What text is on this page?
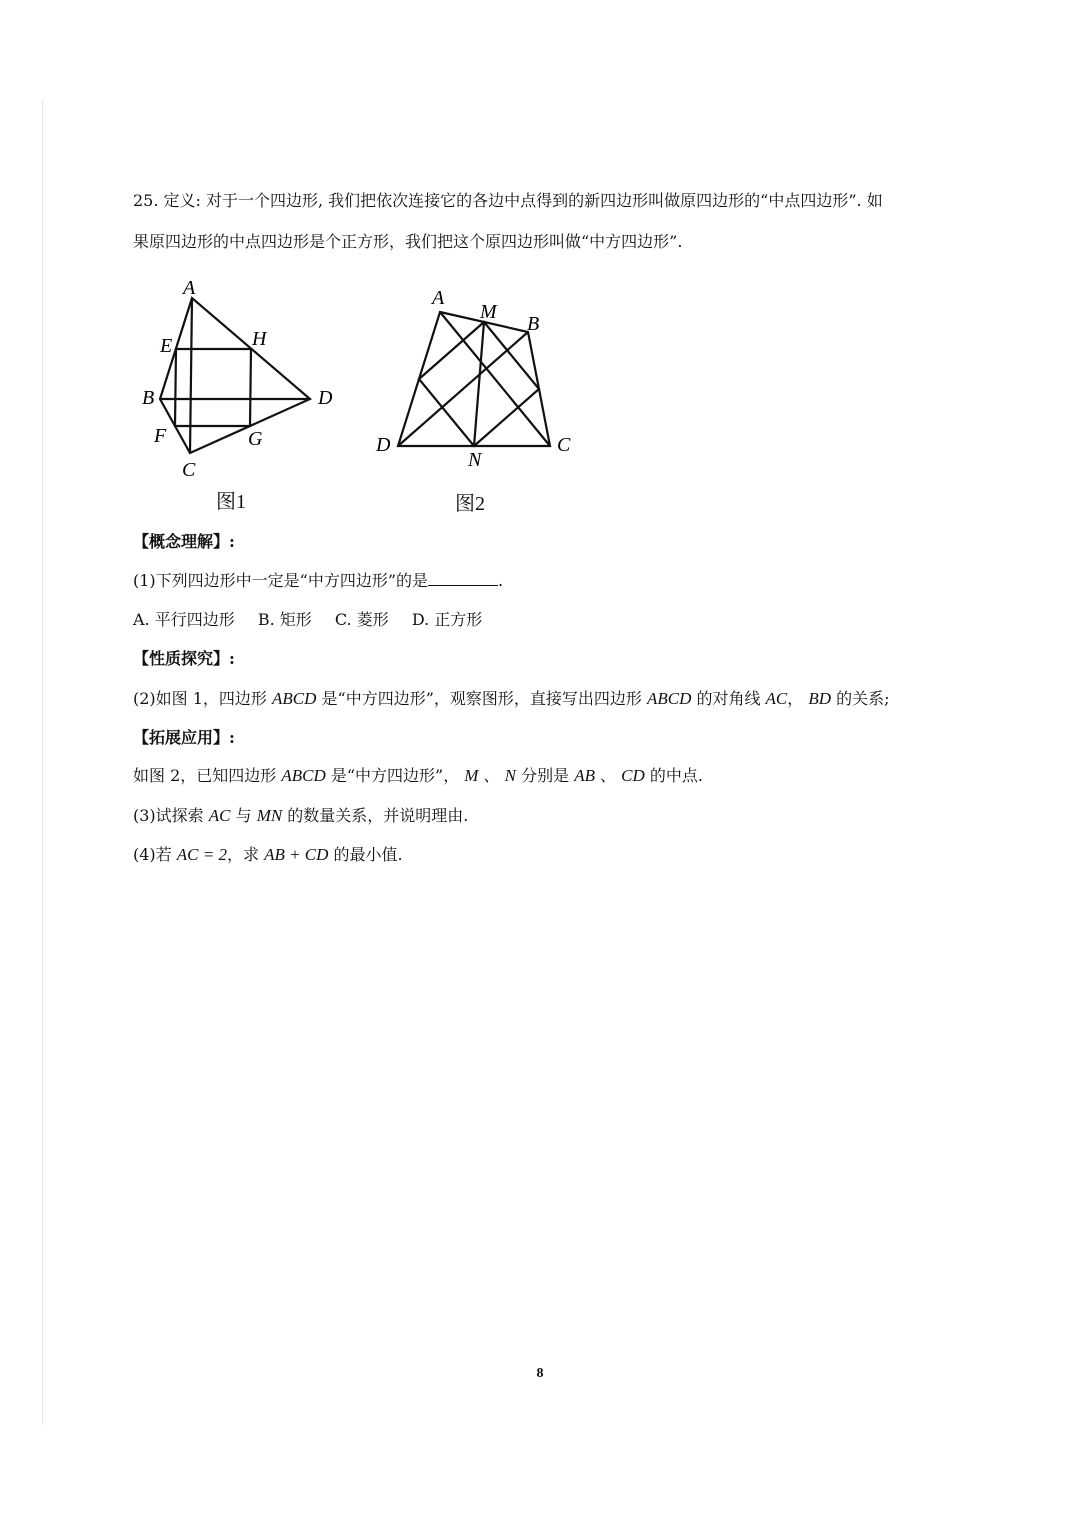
25. 定义: 对于一个四边形, 我们把依次连接它的各边中点得到的新四边形叫做原四边形的“中点四边形”. 如
果原四边形的中点四边形是个正方形，我们把这个原四边形叫做“中方四边形”.
A
E	H
B	D
F	G
C
图1
A
M
B
D
N
C
图2
【概念理解】:
(1)下列四边形中一定是“中方四边形”的是	.
A. 平行四边形 B. 矩形 C. 菱形 D. 正方形
【性质探究】:
(2)如图 1，四边形 ABCD 是“中方四边形”，观察图形，直接写出四边形 ABCD 的对角线 AC， BD 的关系;
【拓展应用】:
如图 2，已知四边形 ABCD 是“中方四边形”， M 、 N 分别是 AB 、 CD 的中点.
(3)试探索 AC 与 MN 的数量关系，并说明理由.
(4)若 AC = 2，求 AB + CD 的最小值.
8
